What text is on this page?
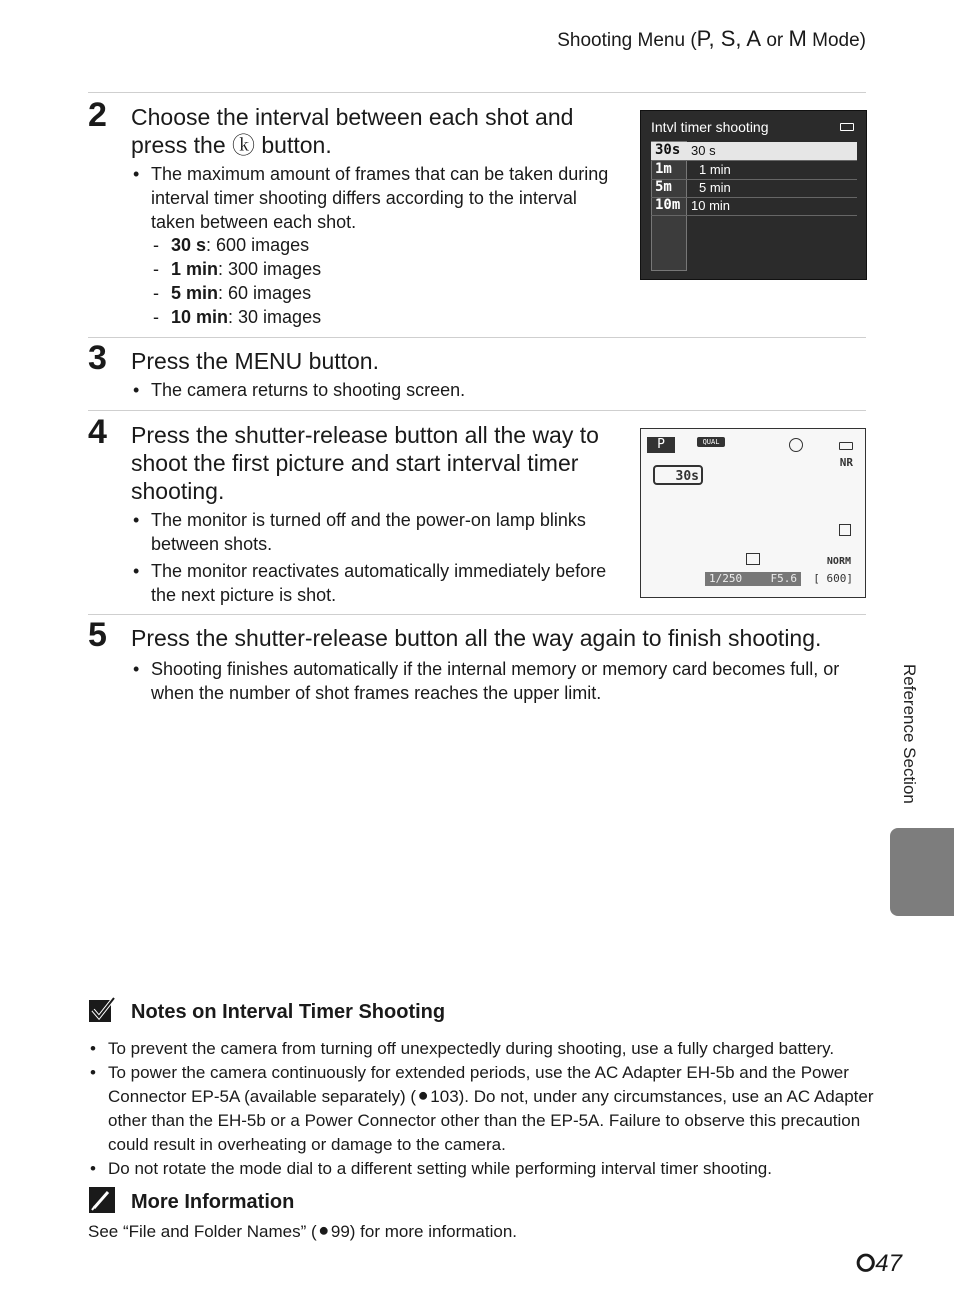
Shooting Menu (P, S, A or M Mode)
2 Choose the interval between each shot and
press the ⓚ button.
• The maximum amount of frames that can be taken during interval timer shooting differs according to the interval taken between each shot.
- 30 s: 600 images
- 1 min: 300 images
- 5 min: 60 images
- 10 min: 30 images
Intvl timer shooting
30s 30 s
1m 1 min
5m 5 min
10m 10 min
3 Press the MENU button.
• The camera returns to shooting screen.
4 Press the shutter-release button all the way to shoot the first picture and start interval timer shooting.
• The monitor is turned off and the power-on lamp blinks between shots.
• The monitor reactivates automatically immediately before the next picture is shot.
P	QUAL
NR
30s
NORM
1/250	F5.6 [ 600]
5 Press the shutter-release button all the way again to finish shooting.
• Shooting finishes automatically if the internal memory or memory card becomes full, or when the number of shot frames reaches the upper limit.	Reference Section
Notes on Interval Timer Shooting
• To prevent the camera from turning off unexpectedly during shooting, use a fully charged battery.
• To power the camera continuously for extended periods, use the AC Adapter EH-5b and the Power Connector EP-5A (available separately) (⚫103). Do not, under any circumstances, use an AC Adapter other than the EH-5b or a Power Connector other than the EP-5A. Failure to observe this precaution could result in overheating or damage to the camera.
• Do not rotate the mode dial to a different setting while performing interval timer shooting.
More Information
See “File and Folder Names” (⚫99) for more information.
⭘47
